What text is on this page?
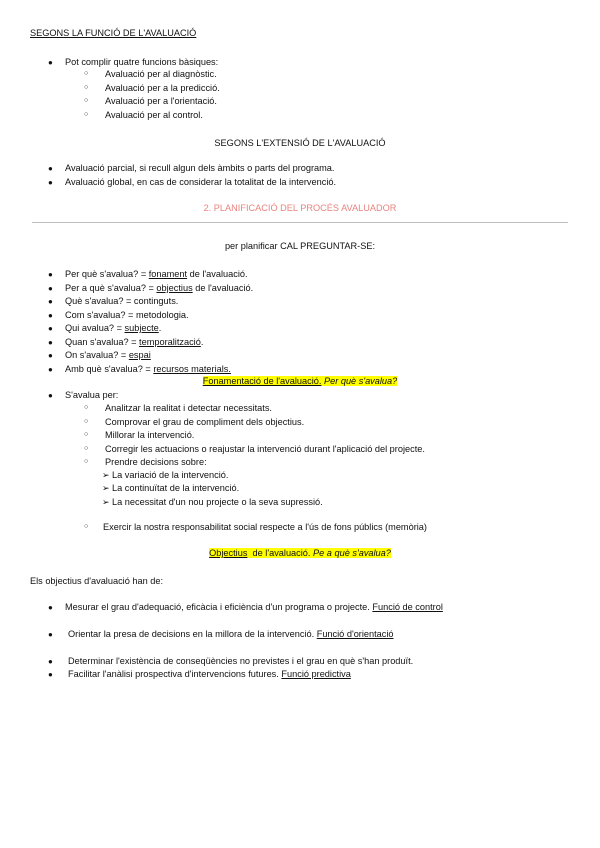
SEGONS LA FUNCIÓ DE L'AVALUACIÓ
● Pot complir quatre funcions bàsiques:
○ Avaluació per al diagnòstic.
○ Avaluació per a la predicció.
○ Avaluació per a l'orientació.
○ Avaluació per al control.
SEGONS L'EXTENSIÓ DE L'AVALUACIÓ
● Avaluació parcial, si recull algun dels àmbits o parts del programa.
● Avaluació global, en cas de considerar la totalitat de la intervenció.
2. PLANIFICACIÓ DEL PROCÉS AVALUADOR
per planificar CAL PREGUNTAR-SE:
● Per què s'avalua? = fonament de l'avaluació.
● Per a què s'avalua? = objectius de l'avaluació.
● Què s'avalua? = continguts.
● Com s'avalua? = metodologia.
● Qui avalua? = subjecte.
● Quan s'avalua? = temporalització.
● On s'avalua? = espai
● Amb què s'avalua? = recursos materials.
Fonamentació de l'avaluació. Per què s'avalua?
● S'avalua per:
○ Analitzar la realitat i detectar necessitats.
○ Comprovar el grau de compliment dels objectius.
○ Millorar la intervenció.
○ Corregir les actuacions o reajustar la intervenció durant l'aplicació del projecte.
○ Prendre decisions sobre:
➢ La variació de la intervenció.
➢ La continuïtat de la intervenció.
➢ La necessitat d'un nou projecte o la seva supressió.
○ Exercir la nostra responsabilitat social respecte a l'ús de fons públics (memòria)
Objectius  de l'avaluació. Pe a què s'avalua?
Els objectius d'avaluació han de:
● Mesurar el grau d'adequació, eficàcia i eficiència d'un programa o projecte. Funció de control
● Orientar la presa de decisions en la millora de la intervenció. Funció d'orientació
● Determinar l'existència de conseqüències no previstes i el grau en què s'han produït.
● Facilitar l'anàlisi prospectiva d'intervencions futures. Funció predictiva
